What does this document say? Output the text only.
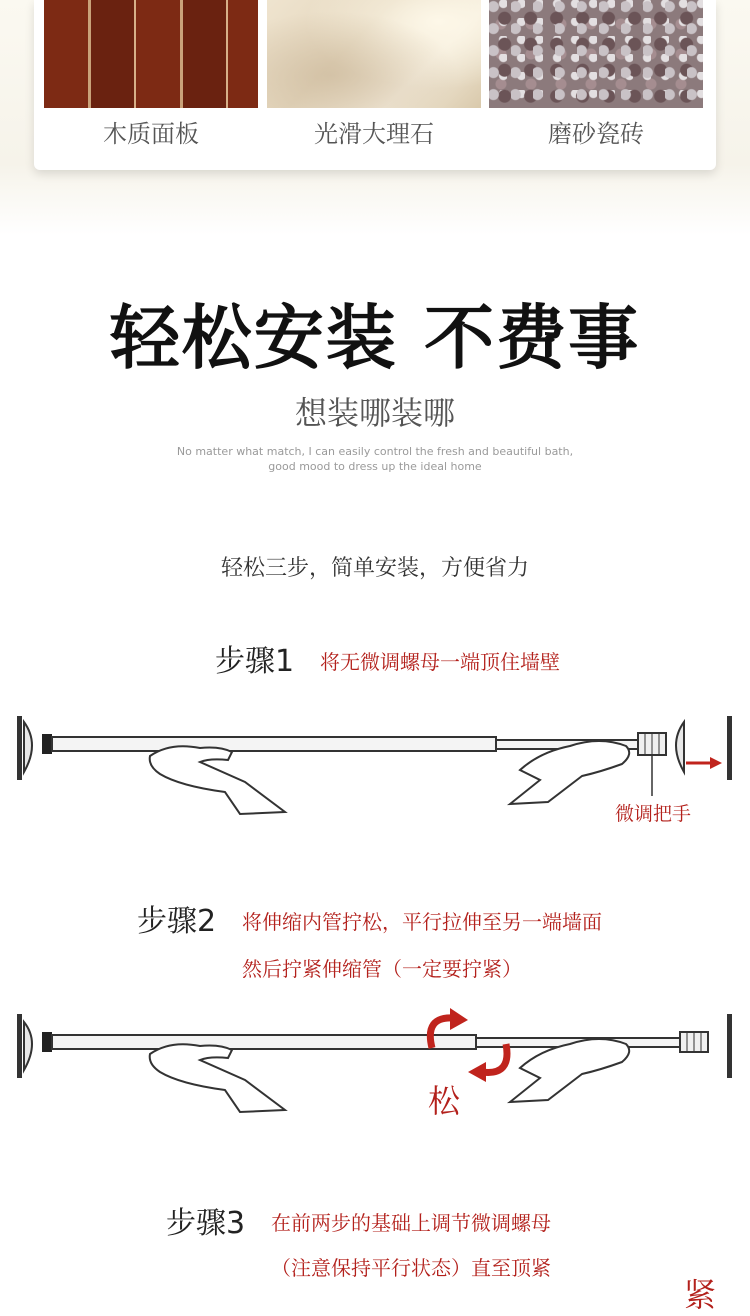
木质面板	光滑大理石	磨砂瓷砖
轻松安装 不费事
想装哪装哪
No matter what match, I can easily control the fresh and beautiful bath,
good mood to dress up the ideal home
轻松三步，简单安装，方便省力
步骤1 将无微调螺母一端顶住墙壁
微调把手
步骤2 将伸缩内管拧松，平行拉伸至另一端墙面
然后拧紧伸缩管（一定要拧紧）
松
步骤3 在前两步的基础上调节微调螺母
（注意保持平行状态）直至顶紧
紧
